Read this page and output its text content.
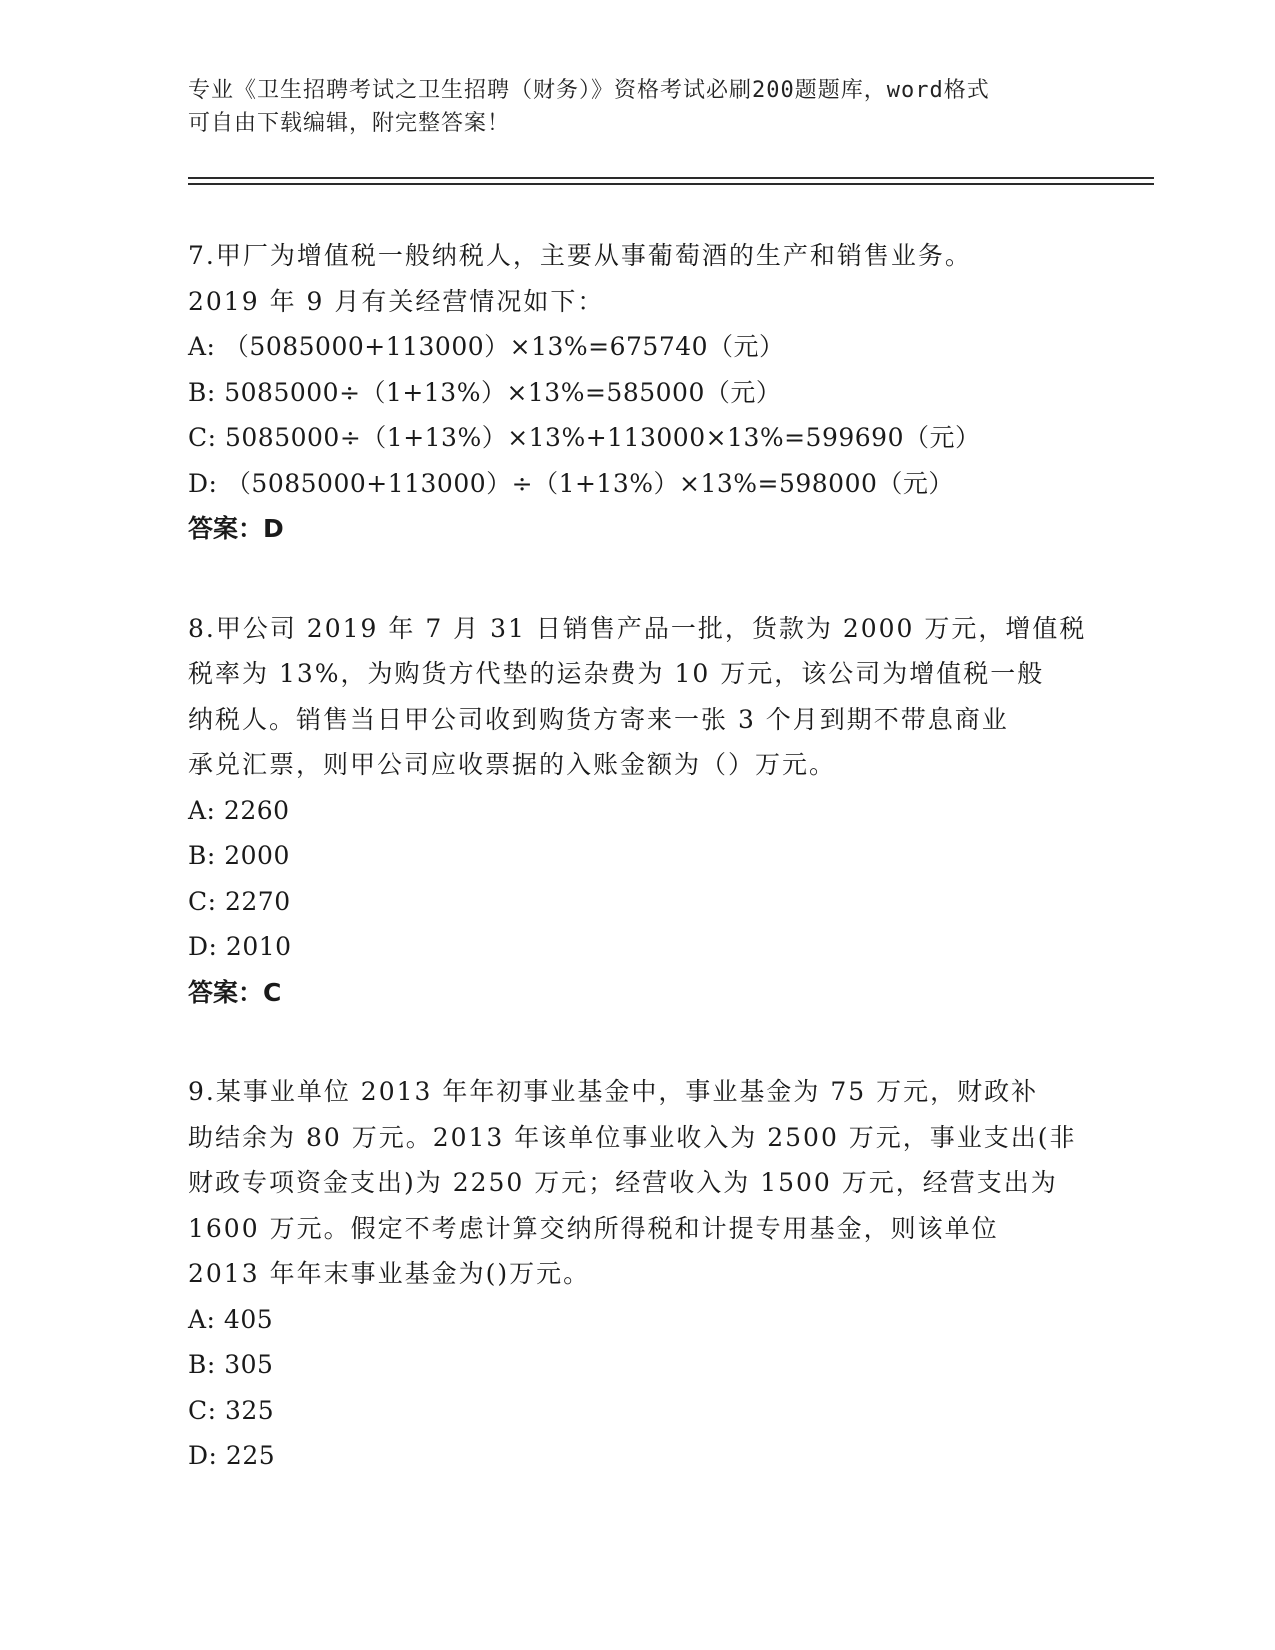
专业《卫生招聘考试之卫生招聘（财务）》资格考试必刷200题题库，word格式
可自由下载编辑，附完整答案！
7.甲厂为增值税一般纳税人，主要从事葡萄酒的生产和销售业务。
2019 年 9 月有关经营情况如下：
A: （5085000+113000）×13%=675740（元）
B: 5085000÷（1+13%）×13%=585000（元）
C: 5085000÷（1+13%）×13%+113000×13%=599690（元）
D: （5085000+113000）÷（1+13%）×13%=598000（元）
答案：D
8.甲公司 2019 年 7 月 31 日销售产品一批，货款为 2000 万元，增值税
税率为 13%，为购货方代垫的运杂费为 10 万元，该公司为增值税一般
纳税人。销售当日甲公司收到购货方寄来一张 3 个月到期不带息商业
承兑汇票，则甲公司应收票据的入账金额为（）万元。
A: 2260
B: 2000
C: 2270
D: 2010
答案：C
9.某事业单位 2013 年年初事业基金中，事业基金为 75 万元，财政补
助结余为 80 万元。2013 年该单位事业收入为 2500 万元，事业支出(非
财政专项资金支出)为 2250 万元；经营收入为 1500 万元，经营支出为
1600 万元。假定不考虑计算交纳所得税和计提专用基金，则该单位
2013 年年末事业基金为()万元。
A: 405
B: 305
C: 325
D: 225
